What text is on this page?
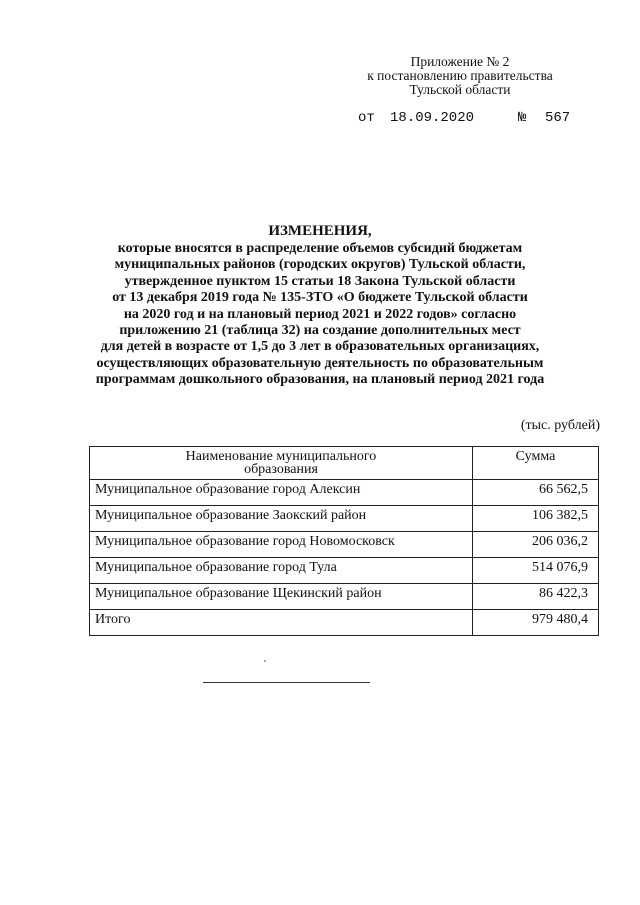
Приложение № 2
к постановлению правительства
Тульской области
от 18.09.2020	№ 567
ИЗМЕНЕНИЯ,
которые вносятся в распределение объемов субсидий бюджетам
муниципальных районов (городских округов) Тульской области,
утвержденное пунктом 15 статьи 18 Закона Тульской области
от 13 декабря 2019 года № 135-ЗТО «О бюджете Тульской области
на 2020 год и на плановый период 2021 и 2022 годов» согласно
приложению 21 (таблица 32) на создание дополнительных мест
для детей в возрасте от 1,5 до 3 лет в образовательных организациях,
осуществляющих образовательную деятельность по образовательным
программам дошкольного образования, на плановый период 2021 года
(тыс. рублей)
Наименование муниципального
образования	Сумма
Муниципальное образование город Алексин	66 562,5
Муниципальное образование Заокский район	106 382,5
Муниципальное образование город Новомосковск	206 036,2
Муниципальное образование город Тула	514 076,9
Муниципальное образование Щекинский район	86 422,3
Итого	979 480,4
